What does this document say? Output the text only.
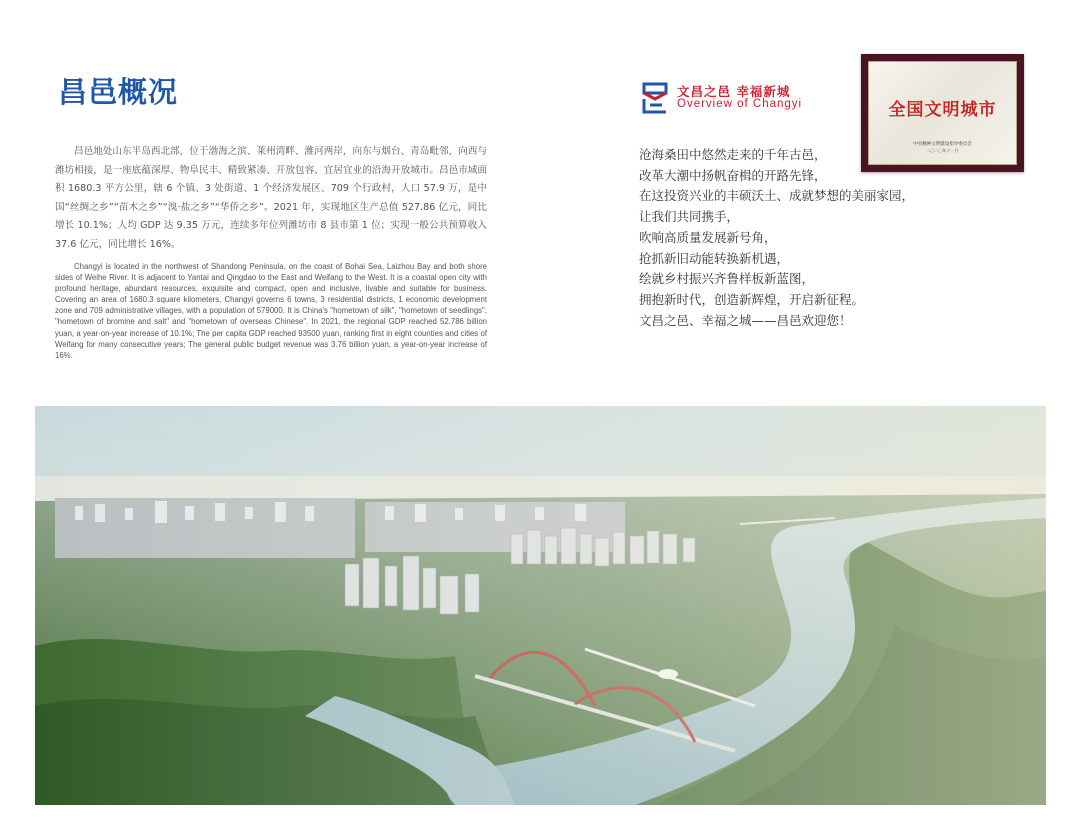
昌邑概况

昌邑地处山东半岛西北部，位于渤海之滨、莱州湾畔、潍河两岸，向东与烟台、青岛毗邻，向西与潍坊相接，是一座底蕴深厚、物阜民丰、精致紧凑、开放包容、宜居宜业的沿海开放城市。昌邑市域面积 1680.3 平方公里，辖 6 个镇、3 处街道、1 个经济发展区、709 个行政村，人口 57.9 万，是中国“丝绸之乡”“苗木之乡”“溴·盐之乡”“华侨之乡”。2021 年，实现地区生产总值 527.86 亿元，同比增长 10.1%；人均 GDP 达 9.35 万元，连续多年位列潍坊市 8 县市第 1 位；实现一般公共预算收入 37.6 亿元，同比增长 16%。

Changyi is located in the northwest of Shandong Peninsula, on the coast of Bohai Sea, Laizhou Bay and both shore sides of Weihe River. It is adjacent to Yantai and Qingdao to the East and Weifang to the West. It is a coastal open city with profound heritage, abundant resources, exquisite and compact, open and inclusive, livable and suitable for business. Covering an area of 1680.3 square kilometers, Changyi governs 6 towns, 3 residential districts, 1 economic development zone and 709 administrative villages, with a population of 579000. It is China's "hometown of silk", "hometown of seedlings", "hometown of bromine and salt" and "hometown of overseas Chinese". In 2021, the regional GDP reached 52.786 billion yuan, a year-on-year increase of 10.1%; The per capita GDP reached 93500 yuan, ranking first in eight counties and cities of Weifang for many consecutive years; The general public budget revenue was 3.76 billion yuan, a year-on-year increase of 16%.

文昌之邑 幸福新城
Overview of Changyi	全国文明城市
中央精神文明建设指导委员会
二〇二〇年十一月
沧海桑田中悠然走来的千年古邑，
改革大潮中扬帆奋楫的开路先锋，
在这投资兴业的丰硕沃土、成就梦想的美丽家园，
让我们共同携手，
吹响高质量发展新号角，
抢抓新旧动能转换新机遇，
绘就乡村振兴齐鲁样板新蓝图，
拥抱新时代，创造新辉煌，开启新征程。
文昌之邑、幸福之城——昌邑欢迎您！
